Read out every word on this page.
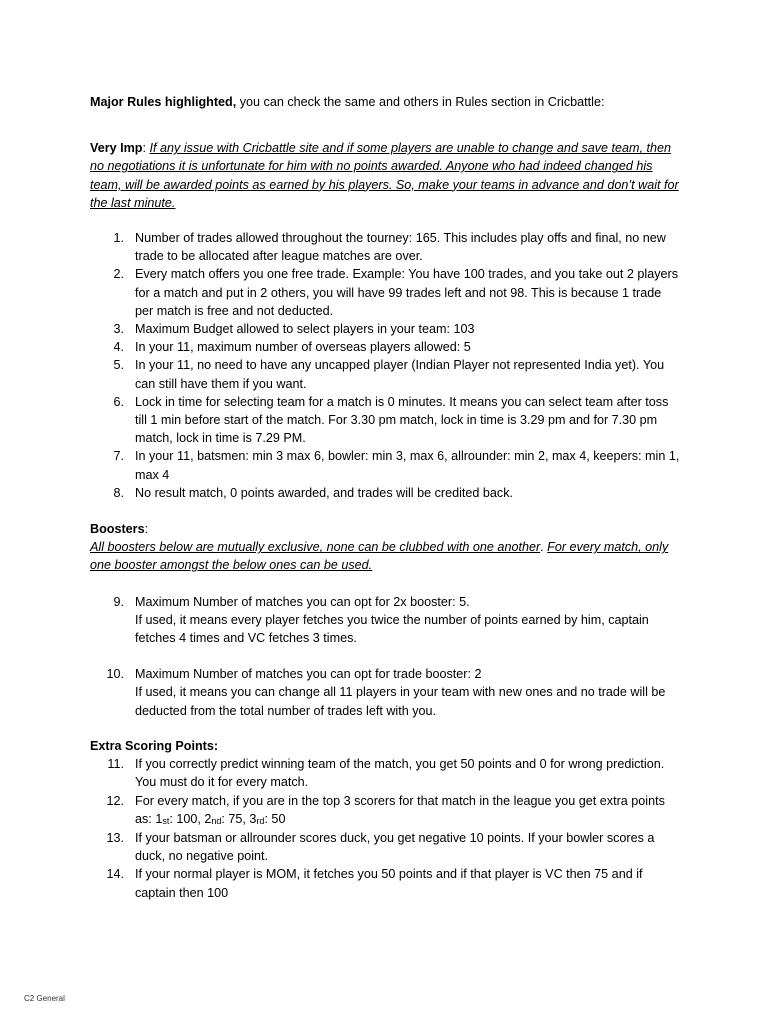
Major Rules highlighted, you can check the same and others in Rules section in Cricbattle:

Very Imp: If any issue with Cricbattle site and if some players are unable to change and save team, then no negotiations it is unfortunate for him with no points awarded. Anyone who had indeed changed his team, will be awarded points as earned by his players. So, make your teams in advance and don’t wait for the last minute.

1. Number of trades allowed throughout the tourney: 165. This includes play offs and final, no new trade to be allocated after league matches are over.
2. Every match offers you one free trade. Example: You have 100 trades, and you take out 2 players for a match and put in 2 others, you will have 99 trades left and not 98. This is because 1 trade per match is free and not deducted.
3. Maximum Budget allowed to select players in your team: 103
4. In your 11, maximum number of overseas players allowed: 5
5. In your 11, no need to have any uncapped player (Indian Player not represented India yet). You can still have them if you want.
6. Lock in time for selecting team for a match is 0 minutes. It means you can select team after toss till 1 min before start of the match. For 3.30 pm match, lock in time is 3.29 pm and for 7.30 pm match, lock in time is 7.29 PM.
7. In your 11, batsmen: min 3 max 6, bowler: min 3, max 6, allrounder: min 2, max 4, keepers: min 1, max 4
8. No result match, 0 points awarded, and trades will be credited back.

Boosters:

All boosters below are mutually exclusive, none can be clubbed with one another. For every match, only one booster amongst the below ones can be used.

9. Maximum Number of matches you can opt for 2x booster: 5.
If used, it means every player fetches you twice the number of points earned by him, captain fetches 4 times and VC fetches 3 times.
10. Maximum Number of matches you can opt for trade booster: 2
If used, it means you can change all 11 players in your team with new ones and no trade will be deducted from the total number of trades left with you.

Extra Scoring Points:

11. If you correctly predict winning team of the match, you get 50 points and 0 for wrong prediction. You must do it for every match.
12. For every match, if you are in the top 3 scorers for that match in the league you get extra points as: $1_{st}$: 100, $2_{nd}$: 75, $3_{rd}$: 50
13. If your batsman or allrounder scores duck, you get negative 10 points. If your bowler scores a duck, no negative point.
14. If your normal player is MOM, it fetches you 50 points and if that player is VC then 75 and if captain then 100
C2 General
